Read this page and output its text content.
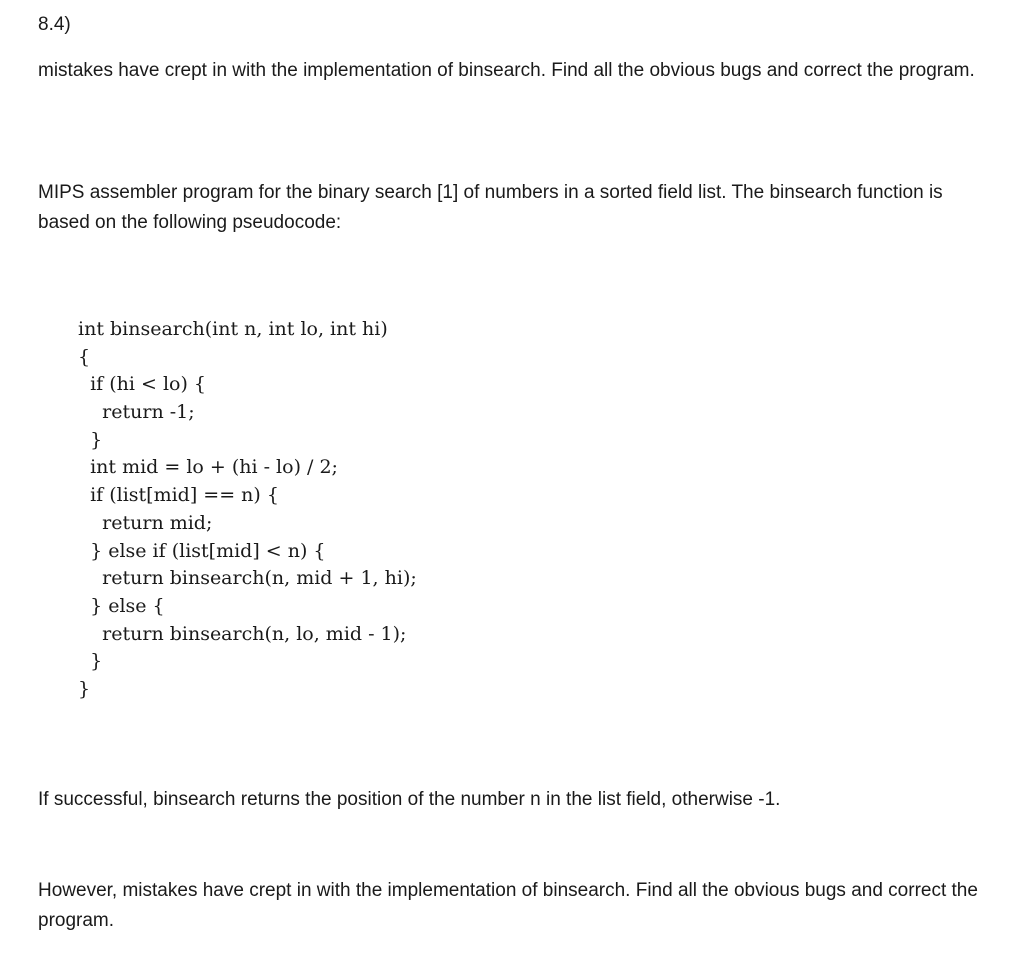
8.4)

mistakes have crept in with the implementation of binsearch. Find all the obvious bugs and correct the program.

MIPS assembler program for the binary search [1] of numbers in a sorted field list. The binsearch function is based on the following pseudocode:

int binsearch(int n, int lo, int hi)
{
if (hi < lo) {
return -1;
}
int mid = lo + (hi - lo) / 2;
if (list[mid] == n) {
return mid;
} else if (list[mid] < n) {
return binsearch(n, mid + 1, hi);
} else {
return binsearch(n, lo, mid - 1);
}
}

If successful, binsearch returns the position of the number n in the list field, otherwise -1.

However, mistakes have crept in with the implementation of binsearch. Find all the obvious bugs and correct the program.
